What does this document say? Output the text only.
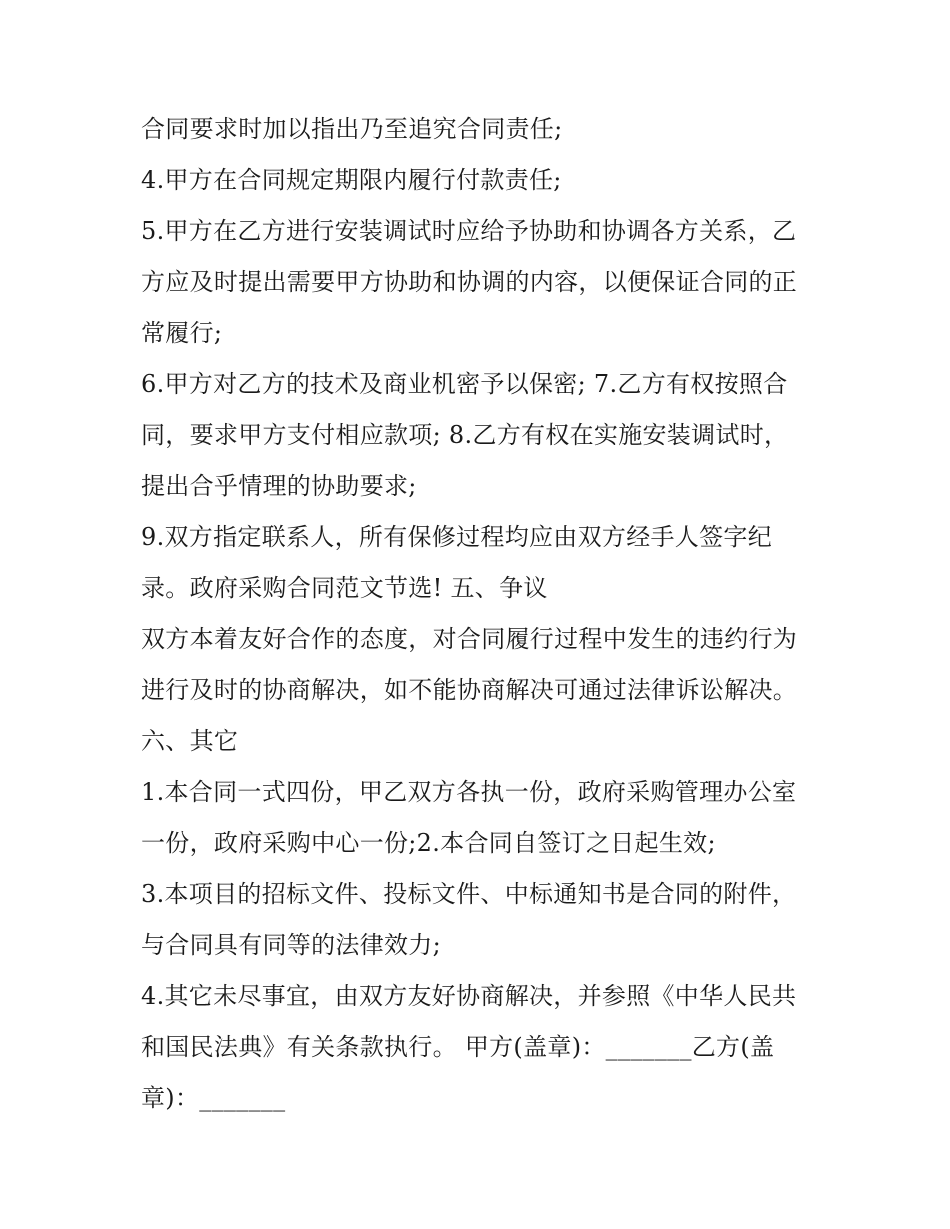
合同要求时加以指出乃至追究合同责任;
4.甲方在合同规定期限内履行付款责任;
5.甲方在乙方进行安装调试时应给予协助和协调各方关系，乙
方应及时提出需要甲方协助和协调的内容，以便保证合同的正
常履行;
6.甲方对乙方的技术及商业机密予以保密; 7.乙方有权按照合
同，要求甲方支付相应款项; 8.乙方有权在实施安装调试时，
提出合乎情理的协助要求;
9.双方指定联系人，所有保修过程均应由双方经手人签字纪
录。政府采购合同范文节选! 五、争议
双方本着友好合作的态度，对合同履行过程中发生的违约行为
进行及时的协商解决，如不能协商解决可通过法律诉讼解决。
六、其它
1.本合同一式四份，甲乙双方各执一份，政府采购管理办公室
一份，政府采购中心一份;2.本合同自签订之日起生效;
3.本项目的招标文件、投标文件、中标通知书是合同的附件，
与合同具有同等的法律效力;
4.其它未尽事宜，由双方友好协商解决，并参照《中华人民共
和国民法典》有关条款执行。 甲方(盖章)：_______乙方(盖
章)：_______
